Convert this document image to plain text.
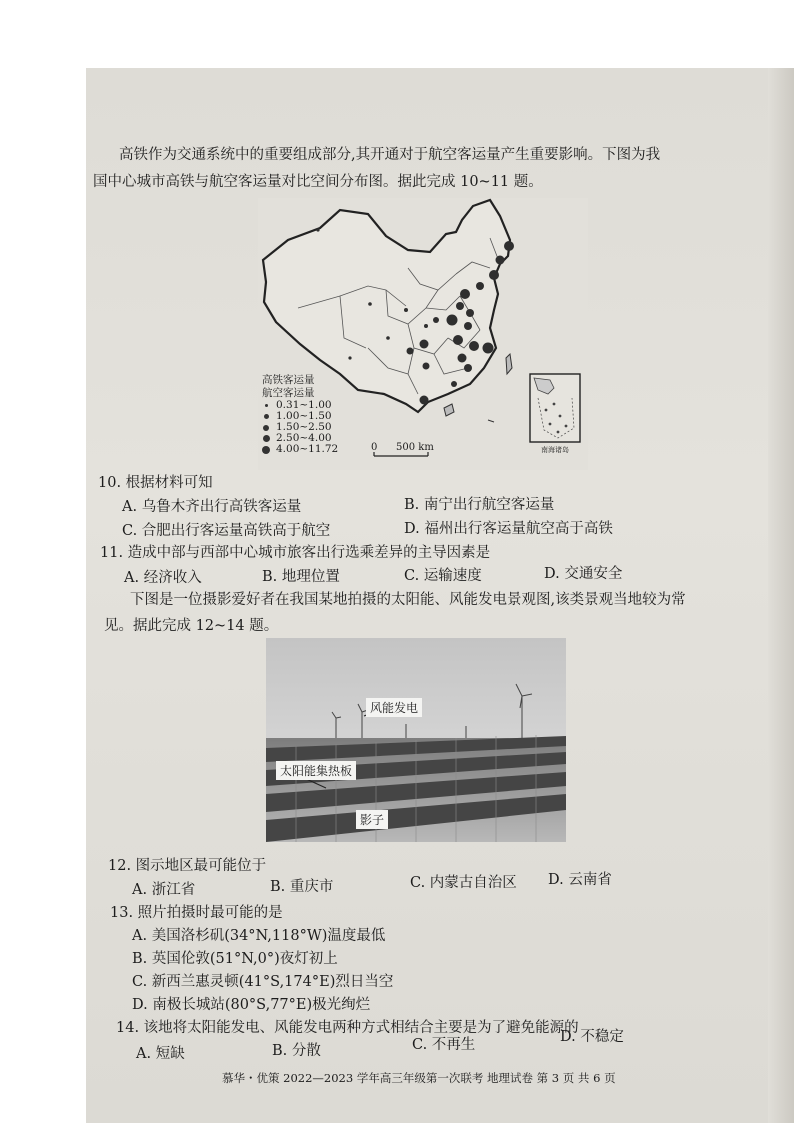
高铁作为交通系统中的重要组成部分,其开通对于航空客运量产生重要影响。下图为我
国中心城市高铁与航空客运量对比空间分布图。据此完成 10~11 题。
高铁客运量
航空客运量
0.31~1.00
1.00~1.50
1.50~2.50
2.50~4.00
4.00~11.72	0 500 km	南海诸岛
10. 根据材料可知
A. 乌鲁木齐出行高铁客运量	B. 南宁出行航空客运量
C. 合肥出行客运量高铁高于航空	D. 福州出行客运量航空高于高铁
11. 造成中部与西部中心城市旅客出行选乘差异的主导因素是
A. 经济收入	B. 地理位置	C. 运输速度	D. 交通安全
下图是一位摄影爱好者在我国某地拍摄的太阳能、风能发电景观图,该类景观当地较为常
见。据此完成 12~14 题。
风能发电
太阳能集热板
影子
12. 图示地区最可能位于
A. 浙江省	B. 重庆市	C. 内蒙古自治区 D. 云南省
13. 照片拍摄时最可能的是
A. 美国洛杉矶(34°N,118°W)温度最低
B. 英国伦敦(51°N,0°)夜灯初上
C. 新西兰惠灵顿(41°S,174°E)烈日当空
D. 南极长城站(80°S,77°E)极光绚烂
14. 该地将太阳能发电、风能发电两种方式相结合主要是为了避免能源的
A. 短缺	B. 分散	C. 不再生	D. 不稳定
慕华・优策 2022—2023 学年高三年级第一次联考 地理试卷 第 3 页 共 6 页
